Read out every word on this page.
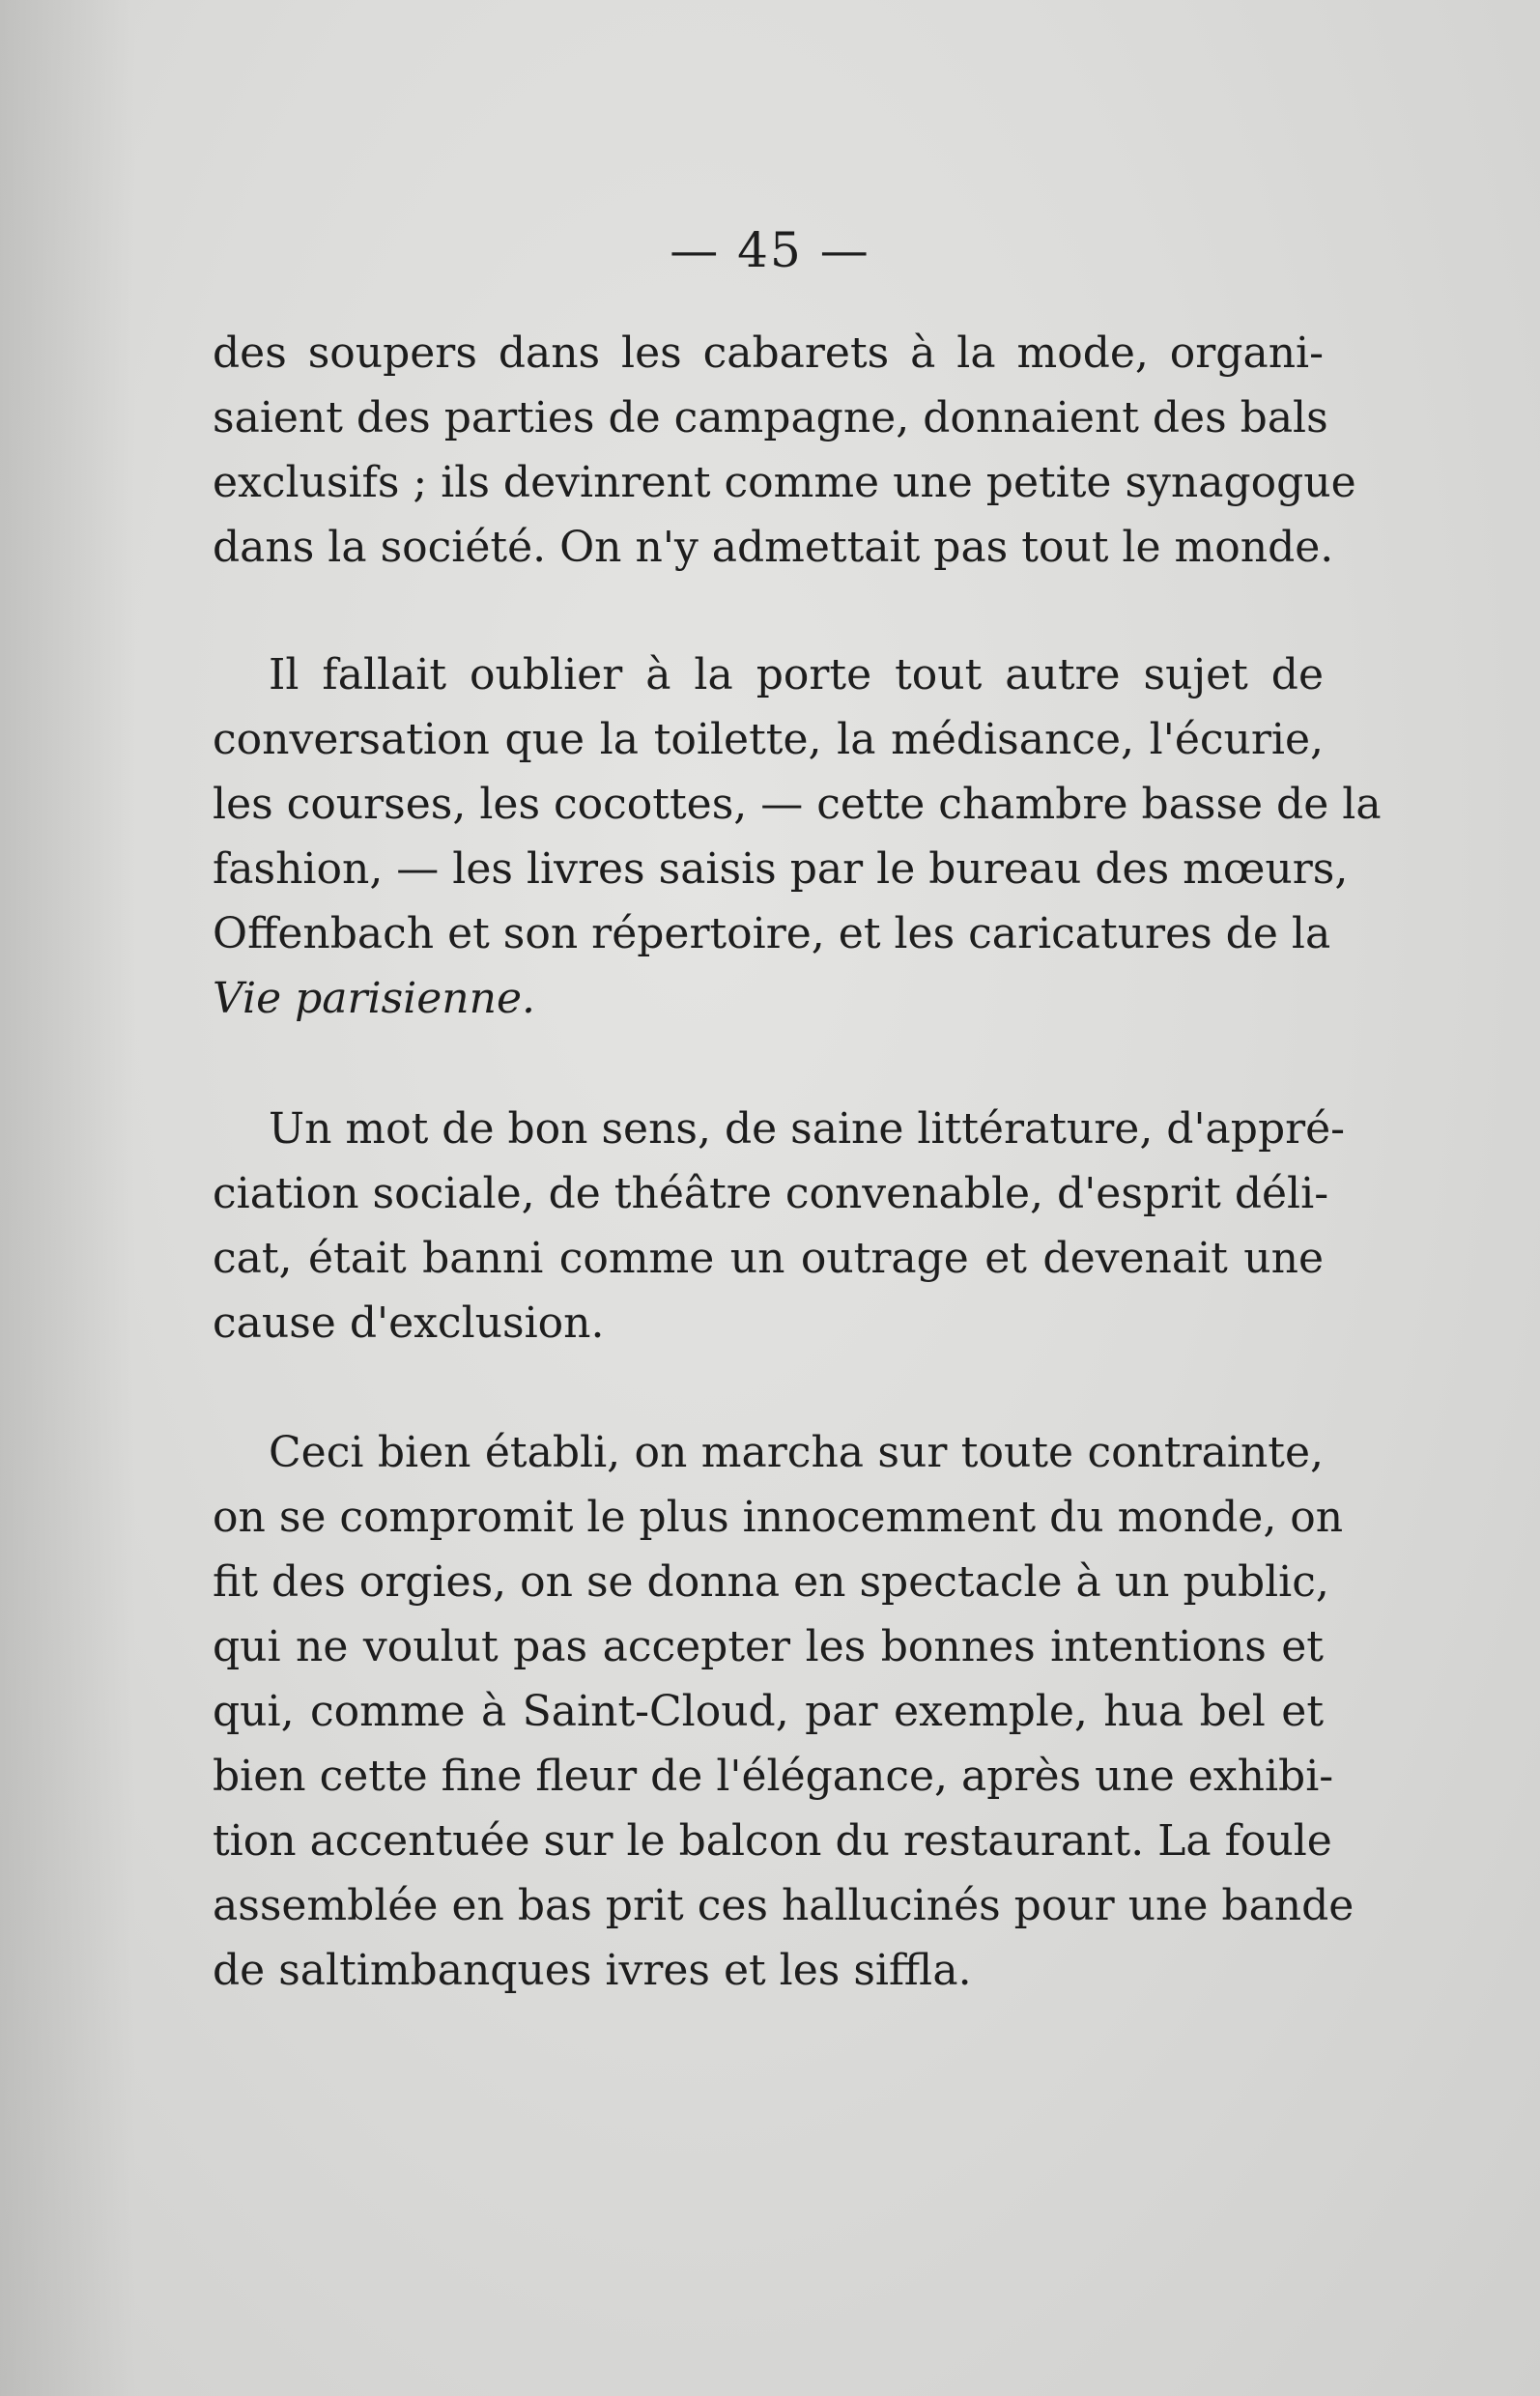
— 45 —
des soupers dans les cabarets à la mode, organi-
saient des parties de campagne, donnaient des bals
exclusifs ; ils devinrent comme une petite synagogue
dans la société. On n'y admettait pas tout le monde.
Il fallait oublier à la porte tout autre sujet de
conversation que la toilette, la médisance, l'écurie,
les courses, les cocottes, — cette chambre basse de la
fashion, — les livres saisis par le bureau des mœurs,
Offenbach et son répertoire, et les caricatures de la
Vie parisienne.
Un mot de bon sens, de saine littérature, d'appré-
ciation sociale, de théâtre convenable, d'esprit déli-
cat, était banni comme un outrage et devenait une
cause d'exclusion.
Ceci bien établi, on marcha sur toute contrainte,
on se compromit le plus innocemment du monde, on
fit des orgies, on se donna en spectacle à un public,
qui ne voulut pas accepter les bonnes intentions et
qui, comme à Saint-Cloud, par exemple, hua bel et
bien cette fine fleur de l'élégance, après une exhibi-
tion accentuée sur le balcon du restaurant. La foule
assemblée en bas prit ces hallucinés pour une bande
de saltimbanques ivres et les siffla.
